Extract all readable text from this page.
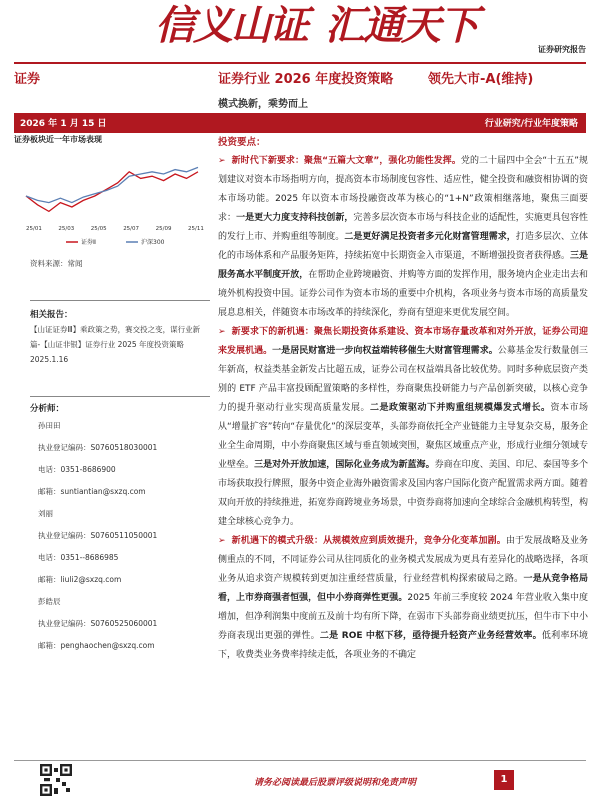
信义山证 汇通天下
证券研究报告
证券	证券行业 2026 年度投资策略	领先大市-A(维持)
模式换新，乘势而上
2026 年 1 月 15 日	行业研究/行业年度策略
证券板块近一年市场表现
25/01	25/03	25/05	25/07	25/09	25/11
证券Ⅱ	沪深300
资料来源：常闻
相关报告：
【山证证券Ⅲ】乘政策之势，赛交投之变，谋行业新篇-【山证非银】证券行业 2025 年度投资策略 2025.1.16
分析师：
孙田田
执业登记编码：S0760518030001
电话：0351-8686900
邮箱：suntiantian@sxzq.com
刘丽
执业登记编码：S0760511050001
电话：0351--8686985
邮箱：liuli2@sxzq.com
彭皓辰
执业登记编码：S0760525060001
邮箱：penghaochen@sxzq.com

投资要点：

➢ 新时代下新要求：聚焦“五篇大文章”，强化功能性发挥。党的二十届四中全会“十五五”规划建议对资本市场指明方向，提高资本市场制度包容性、适应性，健全投资和融资相协调的资本市场功能。2025 年以资本市场投融资改革为核心的“1+N”政策相继落地，聚焦三面要求：一是更大力度支持科技创新，完善多层次资本市场与科技企业的适配性，实施更具包容性的发行上市、并购重组等制度。二是更好满足投资者多元化财富管理需求，打造多层次、立体化的市场体系和产品服务矩阵，持续拓宽中长期资金入市渠道，不断增强投资者获得感。三是服务高水平制度开放，在帮助企业跨境融资、并购等方面的发挥作用，服务境内企业走出去和境外机构投资中国。证券公司作为资本市场的重要中介机构，各项业务与资本市场的高质量发展息息相关，伴随资本市场改革的持续深化，券商有望迎来更优发展空间。

➢ 新要求下的新机遇：聚焦长期投资体系建设、资本市场存量改革和对外开放，证券公司迎来发展机遇。一是居民财富进一步向权益端转移催生大财富管理需求。公募基金发行数量创三年新高，权益类基金新发占比超五成，证券公司在权益端具备比较优势。同时多种底层资产类别的 ETF 产品丰富投顾配置策略的多样性，券商聚焦投研能力与产品创新突破，以核心竞争力的提升驱动行业实现高质量发展。二是政策驱动下并购重组规模爆发式增长。资本市场从“增量扩容”转向“存量优化”的深层变革，头部券商依托全产业链能力主导复杂交易，服务企业全生命周期，中小券商聚焦区域与垂直领域突围，聚焦区域重点产业，形成行业细分领域专业壁垒。三是对外开放加速，国际化业务成为新蓝海。券商在印度、美国、印尼、泰国等多个市场获取投行牌照，服务中资企业海外融资需求及国内客户国际化资产配置需求两方面。随着双向开放的持续推进，拓宽券商跨境业务场景，中资券商将加速向全球综合金融机构转型，构建全球核心竞争力。

➢ 新机遇下的模式升级：从规模效应到质效提升，竞争分化变革加剧。由于发展战略及业务侧重点的不同，不同证券公司从往同质化的业务模式发展成为更具有差异化的战略选择，各项业务从追求资产规模转到更加注重经营质量，行业经营机构探索破局之路。一是从竞争格局看，上市券商强者恒强，但中小券商弹性更强。2025 年前三季度较 2024 年营业收入集中度增加，但净利润集中度前五及前十均有所下降，在弱市下头部券商业绩更抗压，但牛市下中小券商表现出更强的弹性。二是 ROE 中枢下移，亟待提升轻资产业务经营效率。低利率环境下，收费类业务费率持续走低，各项业务的不确定

请务必阅读最后股票评级说明和免责声明	1
